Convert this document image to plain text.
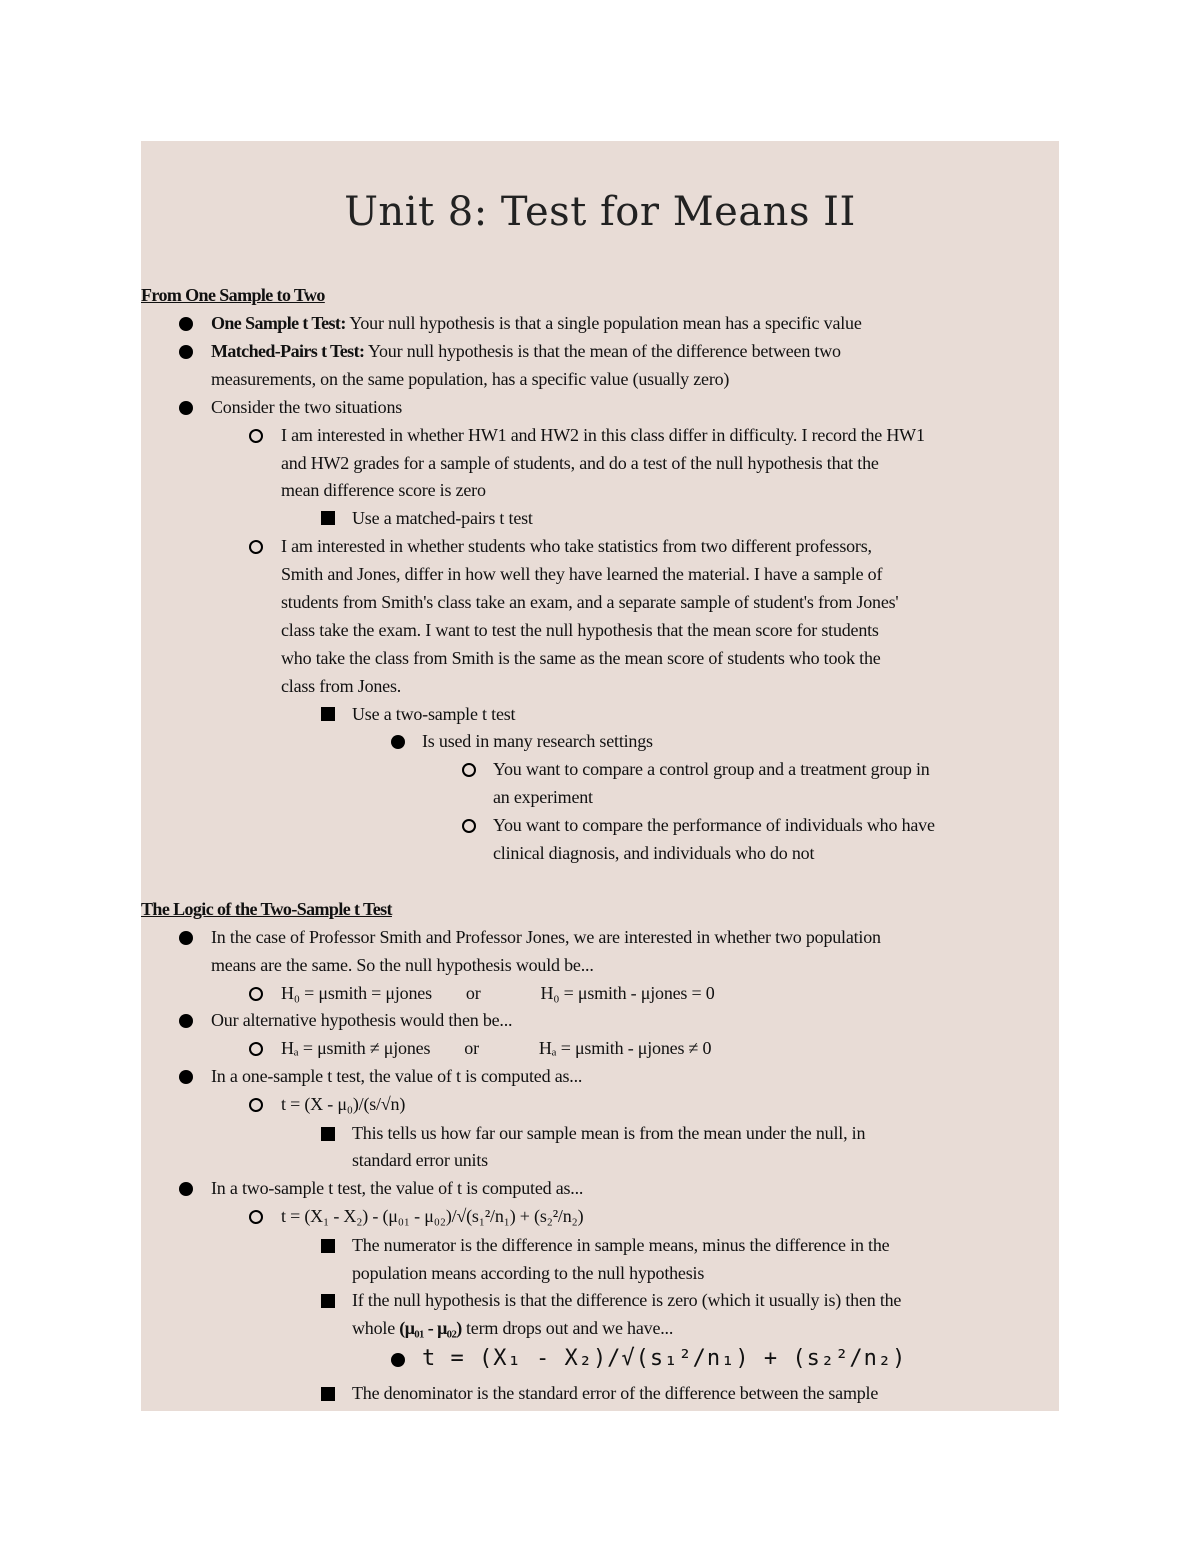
Unit 8: Test for Means II
From One Sample to Two
One Sample t Test: Your null hypothesis is that a single population mean has a specific value
Matched-Pairs t Test: Your null hypothesis is that the mean of the difference between two
measurements, on the same population, has a specific value (usually zero)
Consider the two situations
I am interested in whether HW1 and HW2 in this class differ in difficulty. I record the HW1
and HW2 grades for a sample of students, and do a test of the null hypothesis that the
mean difference score is zero
Use a matched-pairs t test
I am interested in whether students who take statistics from two different professors,
Smith and Jones, differ in how well they have learned the material. I have a sample of
students from Smith's class take an exam, and a separate sample of student's from Jones'
class take the exam. I want to test the null hypothesis that the mean score for students
who take the class from Smith is the same as the mean score of students who took the
class from Jones.
Use a two-sample t test
Is used in many research settings
You want to compare a control group and a treatment group in
an experiment
You want to compare the performance of individuals who have
clinical diagnosis, and individuals who do not
The Logic of the Two-Sample t Test
In the case of Professor Smith and Professor Jones, we are interested in whether two population
means are the same. So the null hypothesis would be...
H₀ = μsmith = μjones or	H₀ = μsmith - μjones = 0
Our alternative hypothesis would then be...
Hₐ = μsmith ≠ μjones or	Hₐ = μsmith - μjones ≠ 0
In a one-sample t test, the value of t is computed as...
t = (X - μ₀)/(s/√n)
This tells us how far our sample mean is from the mean under the null, in
standard error units
In a two-sample t test, the value of t is computed as...
t = (X₁ - X₂) - (μ₀₁ - μ₀₂)/√(s₁²/n₁) + (s₂²/n₂)
The numerator is the difference in sample means, minus the difference in the
population means according to the null hypothesis
If the null hypothesis is that the difference is zero (which it usually is) then the
whole (μ₀₁ - μ₀₂) term drops out and we have...
t = (X₁ - X₂)/√(s₁²/n₁) + (s₂²/n₂)
The denominator is the standard error of the difference between the sample
